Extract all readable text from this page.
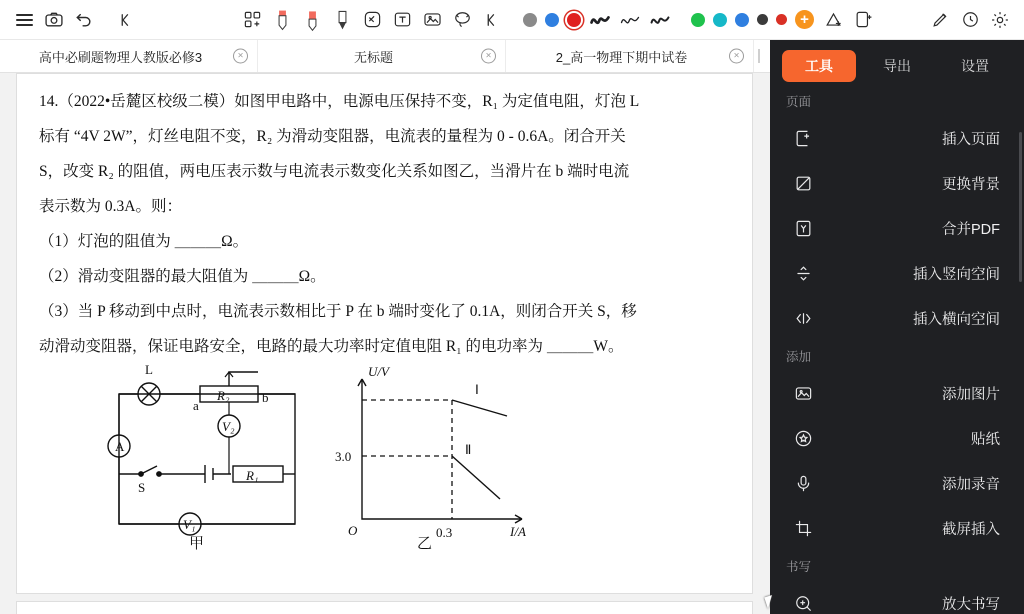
+
高中必刷题物理人教版必修3	×	无标题	×	2_高一物理下期中试卷	×

14.（2022•岳麓区校级二模）如图甲电路中，电源电压保持不变，R₁ 为定值电阻，灯泡 L

标有 “4V 2W”，灯丝电阻不变，R₂ 为滑动变阻器，电流表的量程为 0 - 0.6A。闭合开关

S，改变 R₂ 的阻值，两电压表示数与电流表示数变化关系如图乙，当滑片在 b 端时电流

表示数为 0.3A。则：

（1）灯泡的阻值为 ＿＿＿Ω。

（2）滑动变阻器的最大阻值为 ＿＿＿Ω。

（3）当 P 移动到中点时，电流表示数相比于 P 在 b 端时变化了 0.1A，则闭合开关 S，移

动滑动变阻器，保证电路安全，电路的最大功率时定值电阻 R₁ 的电功率为 ＿＿＿W。

L
A
S
a
b
R₂
V₂
R₁
V₁
甲
U/V
I/A
O
3.0
0.3
Ⅰ
Ⅱ
乙
工具	导出	设置
页面
插入页面
更换背景
合并PDF
插入竖向空间
插入横向空间
添加
添加图片
贴纸
添加录音
截屏插入
书写
放大书写
